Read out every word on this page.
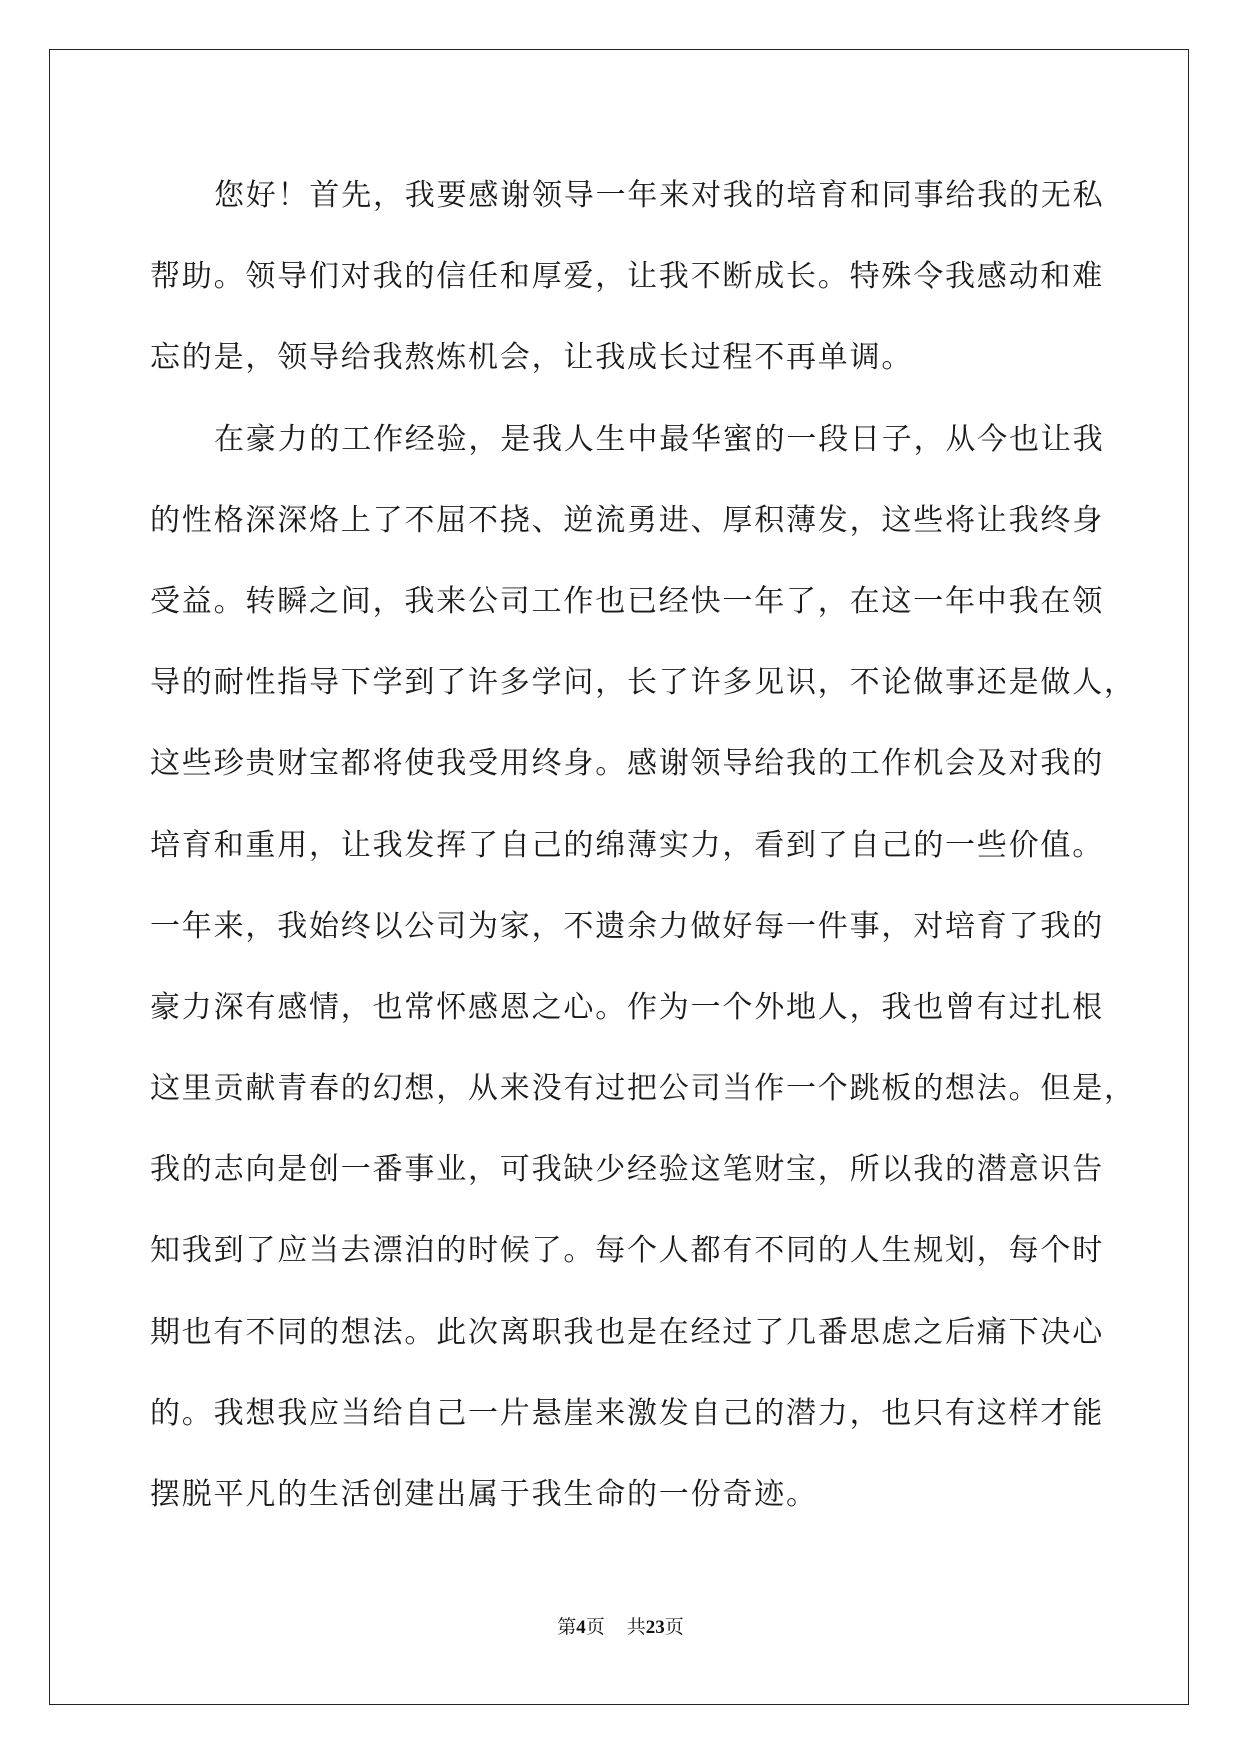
您好！首先，我要感谢领导一年来对我的培育和同事给我的无私
帮助。领导们对我的信任和厚爱，让我不断成长。特殊令我感动和难
忘的是，领导给我熬炼机会，让我成长过程不再单调。
在豪力的工作经验，是我人生中最华蜜的一段日子，从今也让我
的性格深深烙上了不屈不挠、逆流勇进、厚积薄发，这些将让我终身
受益。转瞬之间，我来公司工作也已经快一年了，在这一年中我在领
导的耐性指导下学到了许多学问，长了许多见识，不论做事还是做人，
这些珍贵财宝都将使我受用终身。感谢领导给我的工作机会及对我的
培育和重用，让我发挥了自己的绵薄实力，看到了自己的一些价值。
一年来，我始终以公司为家，不遗余力做好每一件事，对培育了我的
豪力深有感情，也常怀感恩之心。作为一个外地人，我也曾有过扎根
这里贡献青春的幻想，从来没有过把公司当作一个跳板的想法。但是，
我的志向是创一番事业，可我缺少经验这笔财宝，所以我的潜意识告
知我到了应当去漂泊的时候了。每个人都有不同的人生规划，每个时
期也有不同的想法。此次离职我也是在经过了几番思虑之后痛下决心
的。我想我应当给自己一片悬崖来激发自己的潜力，也只有这样才能
摆脱平凡的生活创建出属于我生命的一份奇迹。
第4页 共23页
